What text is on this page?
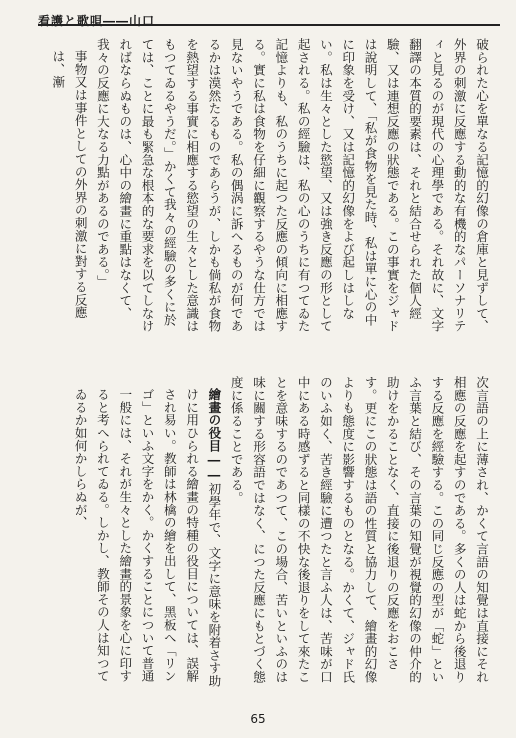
看護と歌唄――山口

破られた心を單なる記憶的幻像の倉庫と見ずして、外界の刺激に反應する動的な有機的なパーソナリティと見るのが現代の心理學である。それ故に、文字翻譯の本質的要素は、それと結合せられた個人經驗、又は連想反應の狀態である。この事實をジャドは說明して、「私が食物を見た時、私は單に心の中に印象を受け、又は記憶的幻像をよび起しはしない。私は生々とした慾望、又は強き反應の形として起される。私の經驗は、私の心のうちに有つてゐた記憶よりも、私のうちに起つた反應の傾向に相應する。實に私は食物を仔細に觀察するやうな仕方では見ないやうである。私の偶涡に訴へるものが何であるかは漠然たるものであらうが、しかも倘私が食物を熱望する事實に相應する慾望の生々とした意識はもつてゐるやうだ。」かくて我々の經驗の多くに於ては、ことに最も緊急な根本的な要求を以てしなければならぬものは、心中の繪畫に重點はなくて、我々の反應に大なる力點があるのである。」

事物又は事件としての外界の刺激に對する反應は、漸

次言語の上に薄され、かくて言語の知覺は直接にそれ相應の反應を起すのである。多くの人は蛇から後退りする反應を經驗する。この同じ反應の型が「蛇」といふ言葉と結び、その言葉の知覺が視覺的幻像の仲介的助けをかることなく、直接に後退りの反應をおこさす。更にこの狀態は語の性質と協力して、繪畫的幻像よりも態度に影響するものとなる。かくて、ジャド氏のいふ如く、苦き經驗に遭つたと言ふ人は、苦味が口中にある時感ずると同樣の不快な後退りをして來たことを意味するのであつて、この場合、苦いといふのは味に關する形容語ではなく、につた反應にもとづく態度に係ることである。

繪畫の役目――初學年で、文字に意味を附着さす助けに用ひられる繪畫の特種の役目については、誤解され易い。教師は林檎の繪を出して、黑板へ「リンゴ」といふ文字をかく。かくすることについて普通一般には、それが生々とした繪畫的景象を心に印すると考へられてゐる。しかし、教師その人は知つてゐるか如何かしらぬが、

65
